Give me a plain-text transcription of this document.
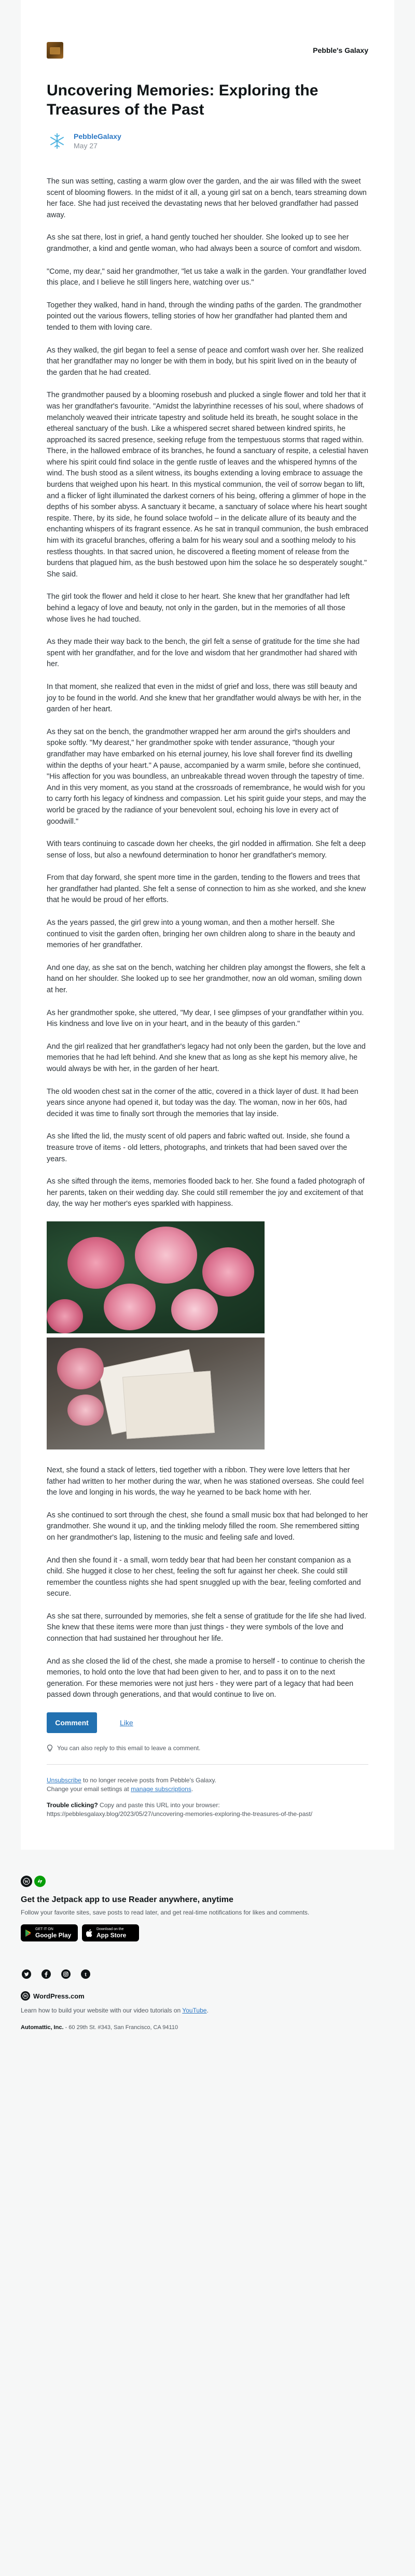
Pebble's Galaxy
Uncovering Memories: Exploring the Treasures of the Past
PebbleGalaxy
May 27

The sun was setting, casting a warm glow over the garden, and the air was filled with the sweet scent of blooming flowers. In the midst of it all, a young girl sat on a bench, tears streaming down her face. She had just received the devastating news that her beloved grandfather had passed away.

As she sat there, lost in grief, a hand gently touched her shoulder. She looked up to see her grandmother, a kind and gentle woman, who had always been a source of comfort and wisdom.

"Come, my dear," said her grandmother, "let us take a walk in the garden. Your grandfather loved this place, and I believe he still lingers here, watching over us."

Together they walked, hand in hand, through the winding paths of the garden. The grandmother pointed out the various flowers, telling stories of how her grandfather had planted them and tended to them with loving care.

As they walked, the girl began to feel a sense of peace and comfort wash over her. She realized that her grandfather may no longer be with them in body, but his spirit lived on in the beauty of the garden that he had created.

The grandmother paused by a blooming rosebush and plucked a single flower and told her that it was her grandfather's favourite. "Amidst the labyrinthine recesses of his soul, where shadows of melancholy weaved their intricate tapestry and solitude held its breath, he sought solace in the ethereal sanctuary of the bush. Like a whispered secret shared between kindred spirits, he approached its sacred presence, seeking refuge from the tempestuous storms that raged within. There, in the hallowed embrace of its branches, he found a sanctuary of respite, a celestial haven where his spirit could find solace in the gentle rustle of leaves and the whispered hymns of the wind. The bush stood as a silent witness, its boughs extending a loving embrace to assuage the burdens that weighed upon his heart. In this mystical communion, the veil of sorrow began to lift, and a flicker of light illuminated the darkest corners of his being, offering a glimmer of hope in the depths of his somber abyss. A sanctuary it became, a sanctuary of solace where his heart sought respite. There, by its side, he found solace twofold – in the delicate allure of its beauty and the enchanting whispers of its fragrant essence. As he sat in tranquil communion, the bush embraced him with its graceful branches, offering a balm for his weary soul and a soothing melody to his restless thoughts. In that sacred union, he discovered a fleeting moment of release from the burdens that plagued him, as the bush bestowed upon him the solace he so desperately sought." She said.

The girl took the flower and held it close to her heart. She knew that her grandfather had left behind a legacy of love and beauty, not only in the garden, but in the memories of all those whose lives he had touched.

As they made their way back to the bench, the girl felt a sense of gratitude for the time she had spent with her grandfather, and for the love and wisdom that her grandmother had shared with her.

In that moment, she realized that even in the midst of grief and loss, there was still beauty and joy to be found in the world. And she knew that her grandfather would always be with her, in the garden of her heart.

As they sat on the bench, the grandmother wrapped her arm around the girl's shoulders and spoke softly. "My dearest," her grandmother spoke with tender assurance, "though your grandfather may have embarked on his eternal journey, his love shall forever find its dwelling within the depths of your heart." A pause, accompanied by a warm smile, before she continued, "His affection for you was boundless, an unbreakable thread woven through the tapestry of time. And in this very moment, as you stand at the crossroads of remembrance, he would wish for you to carry forth his legacy of kindness and compassion. Let his spirit guide your steps, and may the world be graced by the radiance of your benevolent soul, echoing his love in every act of goodwill."

With tears continuing to cascade down her cheeks, the girl nodded in affirmation. She felt a deep sense of loss, but also a newfound determination to honor her grandfather's memory.

From that day forward, she spent more time in the garden, tending to the flowers and trees that her grandfather had planted. She felt a sense of connection to him as she worked, and she knew that he would be proud of her efforts.

As the years passed, the girl grew into a young woman, and then a mother herself. She continued to visit the garden often, bringing her own children along to share in the beauty and memories of her grandfather.

And one day, as she sat on the bench, watching her children play amongst the flowers, she felt a hand on her shoulder. She looked up to see her grandmother, now an old woman, smiling down at her.

As her grandmother spoke, she uttered, "My dear, I see glimpses of your grandfather within you. His kindness and love live on in your heart, and in the beauty of this garden."

And the girl realized that her grandfather's legacy had not only been the garden, but the love and memories that he had left behind. And she knew that as long as she kept his memory alive, he would always be with her, in the garden of her heart.

The old wooden chest sat in the corner of the attic, covered in a thick layer of dust. It had been years since anyone had opened it, but today was the day. The woman, now in her 60s, had decided it was time to finally sort through the memories that lay inside.

As she lifted the lid, the musty scent of old papers and fabric wafted out. Inside, she found a treasure trove of items - old letters, photographs, and trinkets that had been saved over the years.

As she sifted through the items, memories flooded back to her. She found a faded photograph of her parents, taken on their wedding day. She could still remember the joy and excitement of that day, the way her mother's eyes sparkled with happiness.

Next, she found a stack of letters, tied together with a ribbon. They were love letters that her father had written to her mother during the war, when he was stationed overseas. She could feel the love and longing in his words, the way he yearned to be back home with her.

As she continued to sort through the chest, she found a small music box that had belonged to her grandmother. She wound it up, and the tinkling melody filled the room. She remembered sitting on her grandmother's lap, listening to the music and feeling safe and loved.

And then she found it - a small, worn teddy bear that had been her constant companion as a child. She hugged it close to her chest, feeling the soft fur against her cheek. She could still remember the countless nights she had spent snuggled up with the bear, feeling comforted and secure.

As she sat there, surrounded by memories, she felt a sense of gratitude for the life she had lived. She knew that these items were more than just things - they were symbols of the love and connection that had sustained her throughout her life.

And as she closed the lid of the chest, she made a promise to herself - to continue to cherish the memories, to hold onto the love that had been given to her, and to pass it on to the next generation. For these memories were not just hers - they were part of a legacy that had been passed down through generations, and that would continue to live on.

Comment	Like
You can also reply to this email to leave a comment.
Unsubscribe to no longer receive posts from Pebble's Galaxy.
Change your email settings at manage subscriptions.
Trouble clicking? Copy and paste this URL into your browser:
https://pebblesgalaxy.blog/2023/05/27/uncovering-memories-exploring-the-treasures-of-the-past/
W
Get the Jetpack app to use Reader anywhere, anytime
Follow your favorite sites, save posts to read later, and get real-time notifications for likes and comments.
GET IT ON
Google Play
Download on the
App Store
t
W WordPress.com
Learn how to build your website with our video tutorials on YouTube.
Automattic, Inc. - 60 29th St. #343, San Francisco, CA 94110
